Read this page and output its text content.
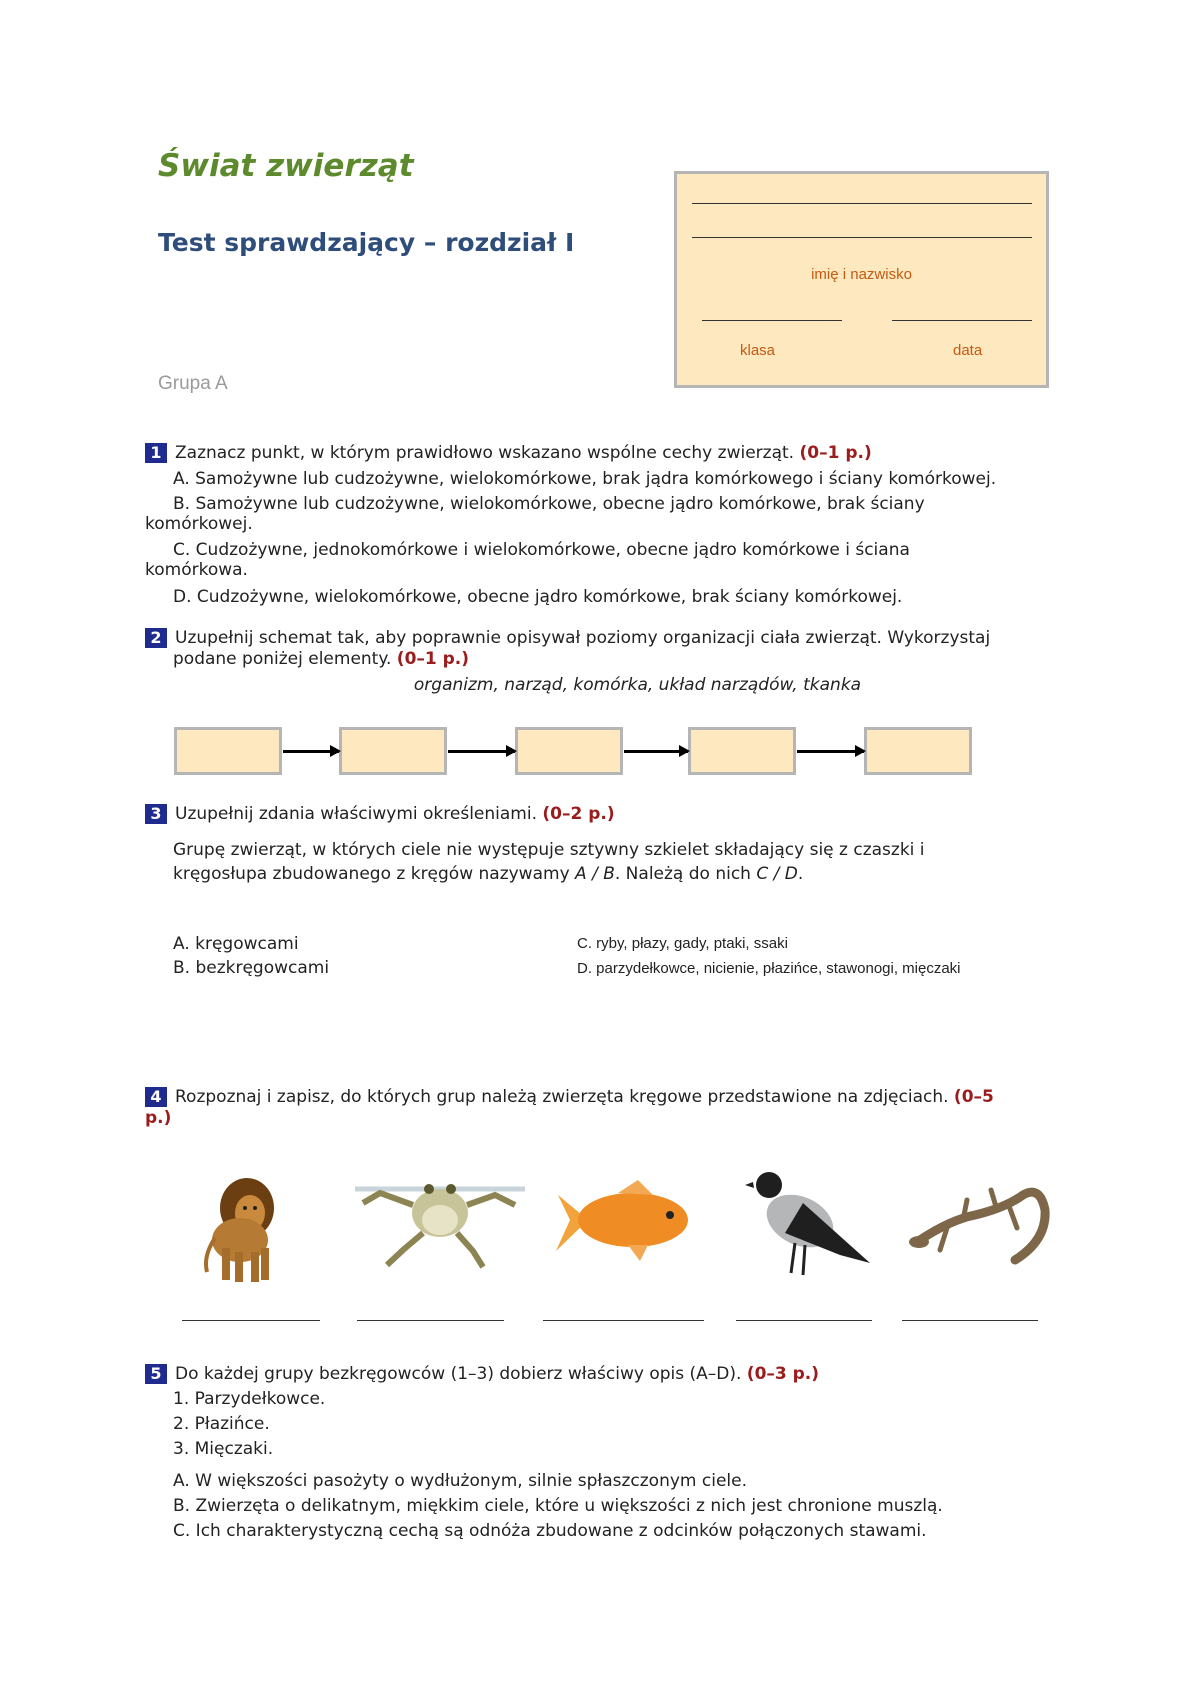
Świat zwierząt
Test sprawdzający – rozdział I
Grupa A
imię i nazwisko
klasa	data
1 Zaznacz punkt, w którym prawidłowo wskazano wspólne cechy zwierząt. (0–1 p.)
A. Samożywne lub cudzożywne, wielokomórkowe, brak jądra komórkowego i ściany komórkowej.
B. Samożywne lub cudzożywne, wielokomórkowe, obecne jądro komórkowe, brak ściany
komórkowej.
C. Cudzożywne, jednokomórkowe i wielokomórkowe, obecne jądro komórkowe i ściana
komórkowa.
D. Cudzożywne, wielokomórkowe, obecne jądro komórkowe, brak ściany komórkowej.
2 Uzupełnij schemat tak, aby poprawnie opisywał poziomy organizacji ciała zwierząt. Wykorzystaj
podane poniżej elementy. (0–1 p.)
organizm, narząd, komórka, układ narządów, tkanka
3 Uzupełnij zdania właściwymi określeniami. (0–2 p.)
Grupę zwierząt, w których ciele nie występuje sztywny szkielet składający się z czaszki i
kręgosłupa zbudowanego z kręgów nazywamy A / B. Należą do nich C / D.
A. kręgowcami
B. bezkręgowcami
C. ryby, płazy, gady, ptaki, ssaki
D. parzydełkowce, nicienie, płazińce, stawonogi, mięczaki
4 Rozpoznaj i zapisz, do których grup należą zwierzęta kręgowe przedstawione na zdjęciach. (0–5
p.)
5 Do każdej grupy bezkręgowców (1–3) dobierz właściwy opis (A–D). (0–3 p.)
1. Parzydełkowce.
2. Płazińce.
3. Mięczaki.
A. W większości pasożyty o wydłużonym, silnie spłaszczonym ciele.
B. Zwierzęta o delikatnym, miękkim ciele, które u większości z nich jest chronione muszlą.
C. Ich charakterystyczną cechą są odnóża zbudowane z odcinków połączonych stawami.
